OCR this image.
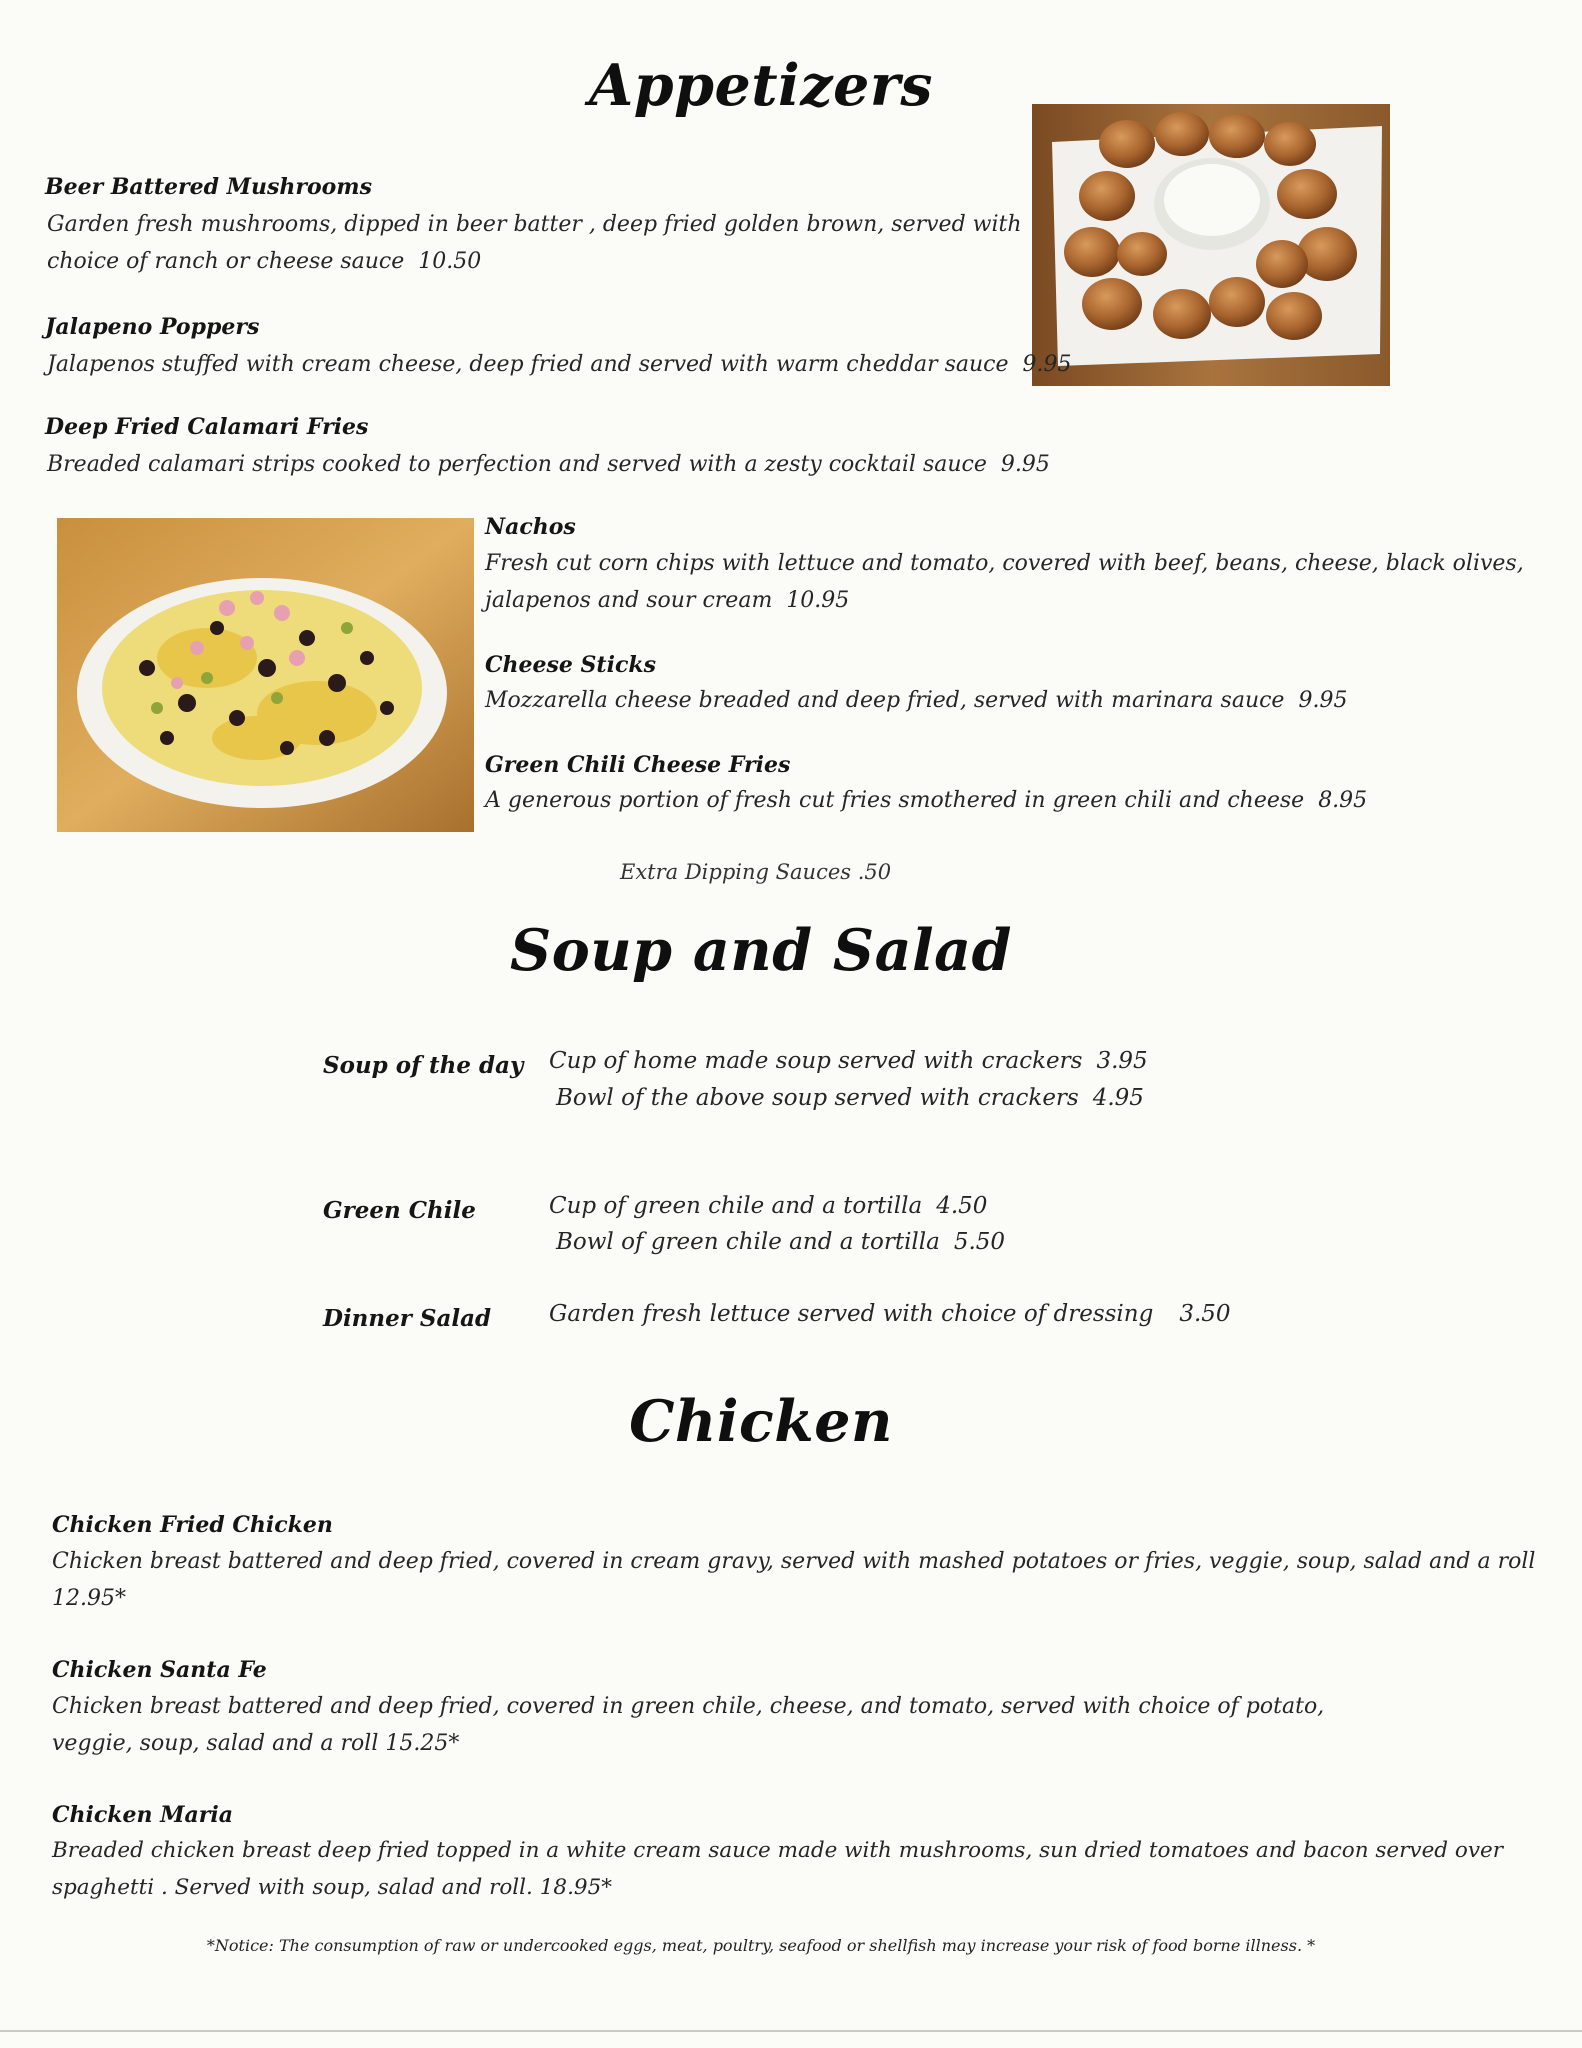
Appetizers
Beer Battered Mushrooms
Garden fresh mushrooms, dipped in beer batter , deep fried golden brown, served with
choice of ranch or cheese sauce 10.50
Jalapeno Poppers
Jalapenos stuffed with cream cheese, deep fried and served with warm cheddar sauce 9.95
Deep Fried Calamari Fries
Breaded calamari strips cooked to perfection and served with a zesty cocktail sauce 9.95
Nachos
Fresh cut corn chips with lettuce and tomato, covered with beef, beans, cheese, black olives,
jalapenos and sour cream 10.95
Cheese Sticks
Mozzarella cheese breaded and deep fried, served with marinara sauce 9.95
Green Chili Cheese Fries
A generous portion of fresh cut fries smothered in green chili and cheese 8.95
Extra Dipping Sauces .50
Soup and Salad
Soup of the day Cup of home made soup served with crackers 3.95
Bowl of the above soup served with crackers 4.95
Green Chile	Cup of green chile and a tortilla 4.50
Bowl of green chile and a tortilla 5.50
Dinner Salad	Garden fresh lettuce served with choice of dressing 3.50
Chicken
Chicken Fried Chicken
Chicken breast battered and deep fried, covered in cream gravy, served with mashed potatoes or fries, veggie, soup, salad and a roll
12.95*
Chicken Santa Fe
Chicken breast battered and deep fried, covered in green chile, cheese, and tomato, served with choice of potato,
veggie, soup, salad and a roll 15.25*
Chicken Maria
Breaded chicken breast deep fried topped in a white cream sauce made with mushrooms, sun dried tomatoes and bacon served over
spaghetti . Served with soup, salad and roll. 18.95*
*Notice: The consumption of raw or undercooked eggs, meat, poultry, seafood or shellfish may increase your risk of food borne illness. *
